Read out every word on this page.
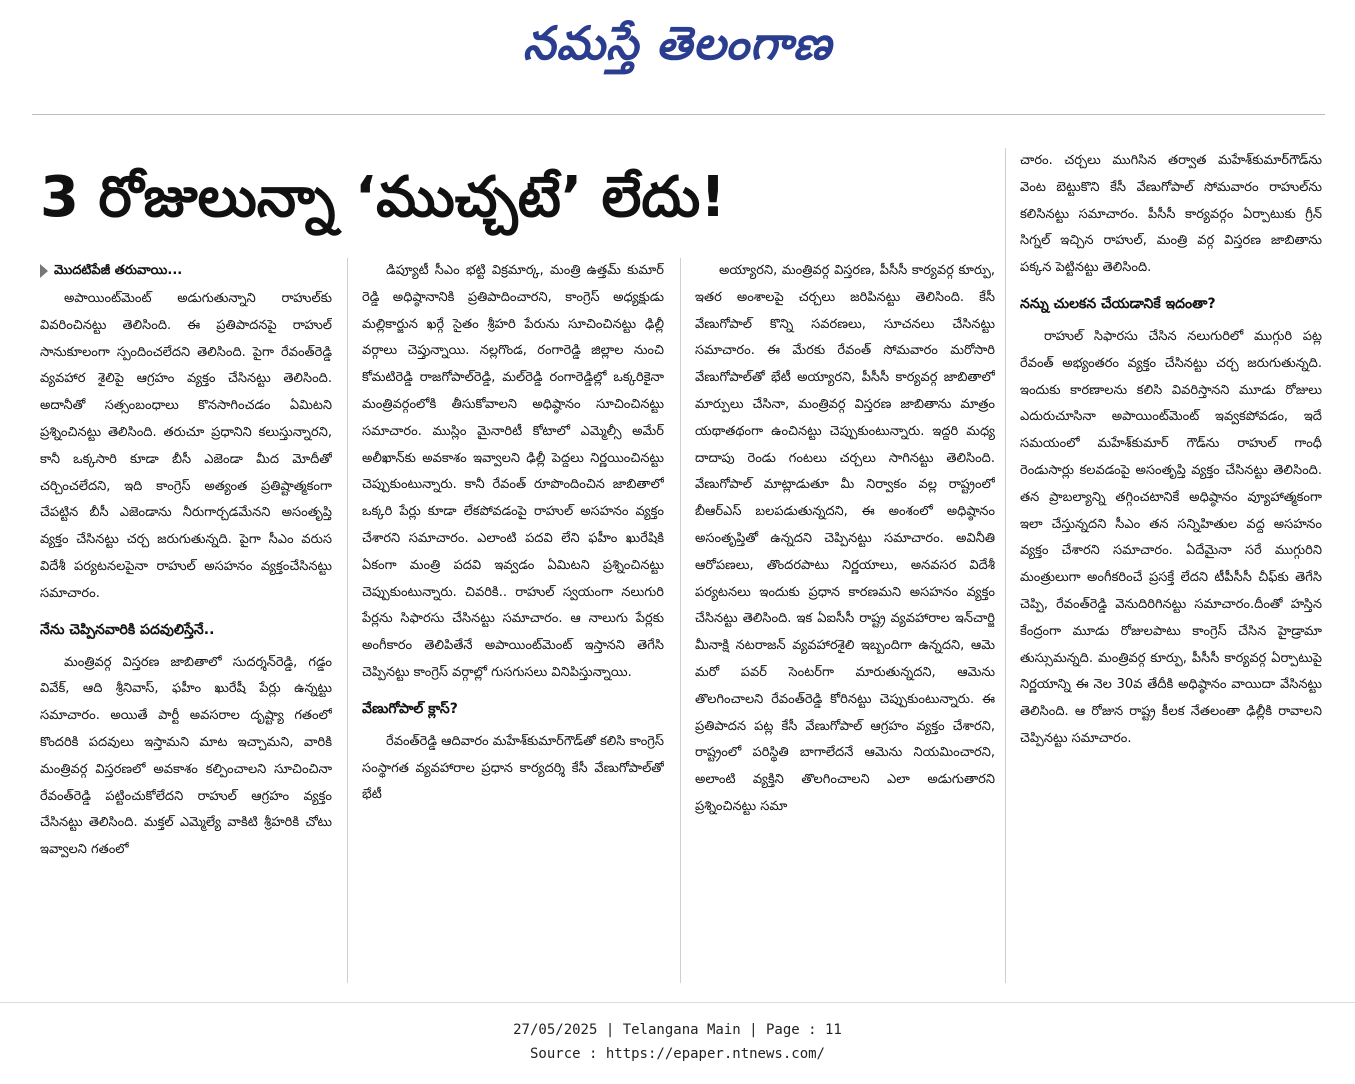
నమస్తే తెలంగాణ
3 రోజులున్నా ‘ముచ్చటే’ లేదు!
మొదటిపేజీ తరువాయి...

అపాయింట్‌మెంట్ అడుగుతున్నాని రాహుల్‌కు వివరించినట్టు తెలిసింది. ఈ ప్రతిపాదనపై రాహుల్ సానుకూలంగా స్పందించలేదని తెలిసింది. పైగా రేవంత్‌రెడ్డి వ్యవహార శైలిపై ఆగ్రహం వ్యక్తం చేసినట్టు తెలిసింది. అదానీతో సత్సంబంధాలు కొనసాగించడం ఏమిటని ప్రశ్నించినట్టు తెలిసింది. తరుచూ ప్రధానిని కలుస్తున్నారని, కానీ ఒక్కసారి కూడా బీసీ ఎజెండా మీద మోదీతో చర్చించలేదని, ఇది కాంగ్రెస్ అత్యంత ప్రతిష్టాత్మకంగా చేపట్టిన బీసీ ఎజెండాను నీరుగార్చడమేనని అసంతృప్తి వ్యక్తం చేసినట్టు చర్చ జరుగుతున్నది. పైగా సీఎం వరుస విదేశీ పర్యటనలపైనా రాహుల్ అసహనం వ్యక్తంచేసినట్టు సమాచారం.

నేను చెప్పినవారికి పదవులిస్తేనే..

మంత్రివర్గ విస్తరణ జాబితాలో సుదర్శన్‌రెడ్డి, గడ్డం వివేక్, ఆది శ్రీనివాస్, ఫహీం ఖురేషీ పేర్లు ఉన్నట్టు సమాచారం. అయితే పార్టీ అవసరాల దృష్ట్యా గతంలో కొందరికి పదవులు ఇస్తామని మాట ఇచ్చామని, వారికి మంత్రివర్గ విస్తరణలో అవకాశం కల్పించాలని సూచించినా రేవంత్‌రెడ్డి పట్టించుకోలేదని రాహుల్ ఆగ్రహం వ్యక్తం చేసినట్టు తెలిసింది. మక్తల్ ఎమ్మెల్యే వాకిటి శ్రీహరికి చోటు ఇవ్వాలని గతంలో

డిప్యూటీ సీఎం భట్టి విక్రమార్క, మంత్రి ఉత్తమ్ కుమార్ రెడ్డి అధిష్ఠానానికి ప్రతిపాదించారని, కాంగ్రెస్ అధ్యక్షుడు మల్లికార్జున ఖర్గే సైతం శ్రీహరి పేరును సూచించినట్టు ఢిల్లీ వర్గాలు చెప్తున్నాయి. నల్లగొండ, రంగారెడ్డి జిల్లాల నుంచి కోమటిరెడ్డి రాజగోపాల్‌రెడ్డి, మల్‌రెడ్డి రంగారెడ్డిల్లో ఒక్కరికైనా మంత్రివర్గంలోకి తీసుకోవాలని అధిష్ఠానం సూచించినట్టు సమాచారం. ముస్లిం మైనారిటీ కోటాలో ఎమ్మెల్సీ అమేర్ అలీఖాన్‌కు అవకాశం ఇవ్వాలని ఢిల్లీ పెద్దలు నిర్ణయించినట్టు చెప్పుకుంటున్నారు. కానీ రేవంత్ రూపొందించిన జాబితాలో ఒక్కరి పేర్లు కూడా లేకపోవడంపై రాహుల్ అసహనం వ్యక్తం చేశారని సమాచారం. ఎలాంటి పదవి లేని ఫహీం ఖురేషికి ఏకంగా మంత్రి పదవి ఇవ్వడం ఏమిటని ప్రశ్నించినట్టు చెప్పుకుంటున్నారు. చివరికి.. రాహుల్ స్వయంగా నలుగురి పేర్లను సిఫారసు చేసినట్టు సమాచారం. ఆ నాలుగు పేర్లకు అంగీకారం తెలిపితేనే అపాయింట్‌మెంట్ ఇస్తానని తెగేసి చెప్పినట్టు కాంగ్రెస్ వర్గాల్లో గుసగుసలు వినిపిస్తున్నాయి.

వేణుగోపాల్ క్లాస్?

రేవంత్‌రెడ్డి ఆదివారం మహేశ్‌కుమార్‌గౌడ్‌తో కలిసి కాంగ్రెస్ సంస్థాగత వ్యవహారాల ప్రధాన కార్యదర్శి కేసీ వేణుగోపాల్‌తో భేటీ

అయ్యారని, మంత్రివర్గ విస్తరణ, పీసీసీ కార్యవర్గ కూర్పు, ఇతర అంశాలపై చర్చలు జరిపినట్టు తెలిసింది. కేసీ వేణుగోపాల్ కొన్ని సవరణలు, సూచనలు చేసినట్టు సమాచారం. ఈ మేరకు రేవంత్ సోమవారం మరోసారి వేణుగోపాల్‌తో భేటీ అయ్యారని, పీసీసీ కార్యవర్గ జాబితాలో మార్పులు చేసినా, మంత్రివర్గ విస్తరణ జాబితాను మాత్రం యథాతథంగా ఉంచినట్టు చెప్పుకుంటున్నారు. ఇద్దరి మధ్య దాదాపు రెండు గంటలు చర్చలు సాగినట్టు తెలిసింది. వేణుగోపాల్ మాట్లాడుతూ మీ నిర్వాకం వల్ల రాష్ట్రంలో బీఆర్‌ఎస్ బలపడుతున్నదని, ఈ అంశంలో అధిష్ఠానం అసంతృప్తితో ఉన్నదని చెప్పినట్టు సమాచారం. అవినీతి ఆరోపణలు, తొందరపాటు నిర్ణయాలు, అనవసర విదేశీ పర్యటనలు ఇందుకు ప్రధాన కారణమని అసహనం వ్యక్తం చేసినట్టు తెలిసింది. ఇక ఏఐసీసీ రాష్ట్ర వ్యవహారాల ఇన్‌చార్జి మీనాక్షి నటరాజన్ వ్యవహారశైలి ఇబ్బందిగా ఉన్నదని, ఆమె మరో పవర్ సెంటర్‌గా మారుతున్నదని, ఆమెను తొలగించాలని రేవంత్‌రెడ్డి కోరినట్టు చెప్పుకుంటున్నారు. ఈ ప్రతిపాదన పట్ల కేసీ వేణుగోపాల్ ఆగ్రహం వ్యక్తం చేశారని, రాష్ట్రంలో పరిస్థితి బాగాలేదనే ఆమెను నియమించారని, అలాంటి వ్యక్తిని తొలగించాలని ఎలా అడుగుతారని ప్రశ్నించినట్టు సమా

చారం. చర్చలు ముగిసిన తర్వాత మహేశ్‌కుమార్‌గౌడ్‌ను వెంట బెట్టుకొని కేసీ వేణుగోపాల్ సోమవారం రాహుల్‌ను కలిసినట్టు సమాచారం. పీసీసీ కార్యవర్గం ఏర్పాటుకు గ్రీన్ సిగ్నల్ ఇచ్చిన రాహుల్, మంత్రి వర్గ విస్తరణ జాబితాను పక్కన పెట్టినట్టు తెలిసింది.

నన్ను చులకన చేయడానికే ఇదంతా?

రాహుల్ సిఫారసు చేసిన నలుగురిలో ముగ్గురి పట్ల రేవంత్ అభ్యంతరం వ్యక్తం చేసినట్టు చర్చ జరుగుతున్నది. ఇందుకు కారణాలను కలిసి వివరిస్తానని మూడు రోజులు ఎదురుచూసినా అపాయింట్‌మెంట్ ఇవ్వకపోవడం, ఇదే సమయంలో మహేశ్‌కుమార్ గౌడ్‌ను రాహుల్ గాంధీ రెండుసార్లు కలవడంపై అసంతృప్తి వ్యక్తం చేసినట్టు తెలిసింది. తన ప్రాబల్యాన్ని తగ్గించటానికే అధిష్ఠానం వ్యూహాత్మకంగా ఇలా చేస్తున్నదని సీఎం తన సన్నిహితుల వద్ద అసహనం వ్యక్తం చేశారని సమాచారం. ఏదేమైనా సరే ముగ్గురిని మంత్రులుగా అంగీకరించే ప్రసక్తే లేదని టీపీసీసీ చీఫ్‌కు తెగేసి చెప్పి, రేవంత్‌రెడ్డి వెనుదిరిగినట్టు సమాచారం.దీంతో హస్తిన కేంద్రంగా మూడు రోజులపాటు కాంగ్రెస్ చేసిన హైడ్రామా తుస్సుమన్నది. మంత్రివర్గ కూర్పు, పీసీసీ కార్యవర్గ ఏర్పాటుపై నిర్ణయాన్ని ఈ నెల 30వ తేదీకి అధిష్ఠానం వాయిదా వేసినట్టు తెలిసింది. ఆ రోజున రాష్ట్ర కీలక నేతలంతా ఢిల్లీకి రావాలని చెప్పినట్టు సమాచారం.

27/05/2025 | Telangana Main | Page : 11
Source : https://epaper.ntnews.com/
